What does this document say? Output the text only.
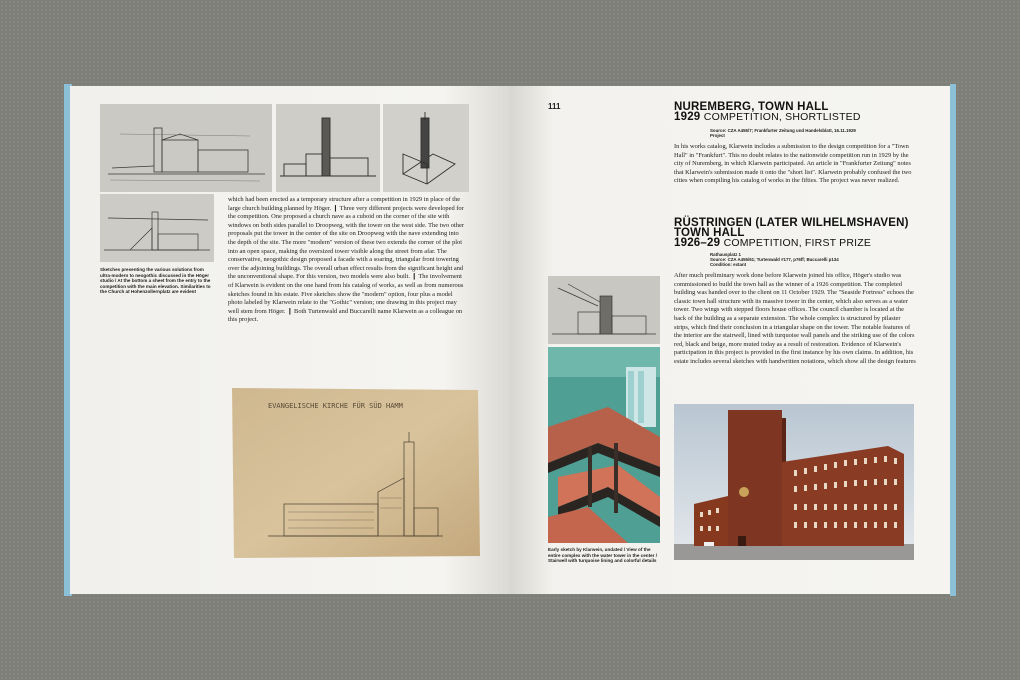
Sketches presenting the various solutions from ultra-modern to neogothic discussed in the Höger studio / At the bottom a sheet from the entry to the competition with the main elevation. Similarities to the Church at Hohenzollernplatz are evident
which had been erected as a temporary structure after a competition in 1929 in place of the large church building planned by Höger. ❙ Three very different projects were developed for the competition. One proposed a church nave as a cuboid on the corner of the site with windows on both sides parallel to Droopweg, with the tower on the west side. The two other proposals put the tower in the center of the site on Droopweg with the nave extending into the depth of the site. The more "modern" version of these two extends the corner of the plot into an open space, making the oversized tower visible along the street from afar. The conservative, neogothic design proposed a facade with a soaring, triangular front towering over the adjoining buildings. The overall urban effect results from the significant height and the unconventional shape. For this version, two models were also built. ❙ The involvement of Klarwein is evident on the one hand from his catalog of works, as well as from numerous sketches found in his estate. Five sketches show the "modern" option, four plus a model photo labeled by Klarwein relate to the "Gothic" version; one drawing in this project may well stem from Höger. ❙ Both Turtenwald and Buccarelli name Klarwein as a colleague on this project.
EVANGELISCHE KIRCHE FÜR SÜD HAMM
111	NUREMBERG, TOWN HALL
1929 COMPETITION, SHORTLISTED
Source: CZA A455/7; Frankfurter Zeitung und Handelsblatt, 16.11.1929
Project
In his works catalog, Klarwein includes a submission to the design competition for a "Town Hall" in "Frankfurt". This no doubt relates to the nationwide competition run in 1929 by the city of Nuremberg, in which Klarwein participated. An article in "Frankfurter Zeitung" notes that Klarwein's submission made it onto the "short list". Klarwein probably confused the two cities when compiling his catalog of works in the fifties. The project was never realized.
RÜSTRINGEN (LATER WILHELMSHAVEN)
TOWN HALL
1926–29 COMPETITION, FIRST PRIZE
Rathausplatz 1
Source: CZA A455/61; Turtenwald #177, p76ff; Buccarelli p134
Condition: extant
After much preliminary work done before Klarwein joined his office, Höger's studio was commissioned to build the town hall as the winner of a 1926 competition. The completed building was handed over to the client on 11 October 1929. The "Seaside Fortress" echoes the classic town hall structure with its massive tower in the center, which also serves as a water tower. Two wings with stepped floors house offices. The council chamber is located at the back of the building as a separate extension. The whole complex is structured by pilaster strips, which find their conclusion in a triangular shape on the tower. The notable features of the interior are the stairwell, lined with turquoise wall panels and the striking use of the colors red, black and beige, more muted today as a result of restoration. Evidence of Klarwein's participation in this project is provided in the first instance by his own claims. In addition, his estate includes several sketches with handwritten notations, which show all the design features
Early sketch by Klarwein, undated / View of the entire complex with the water tower in the center / Stairwell with turquoise lining and colorful details
